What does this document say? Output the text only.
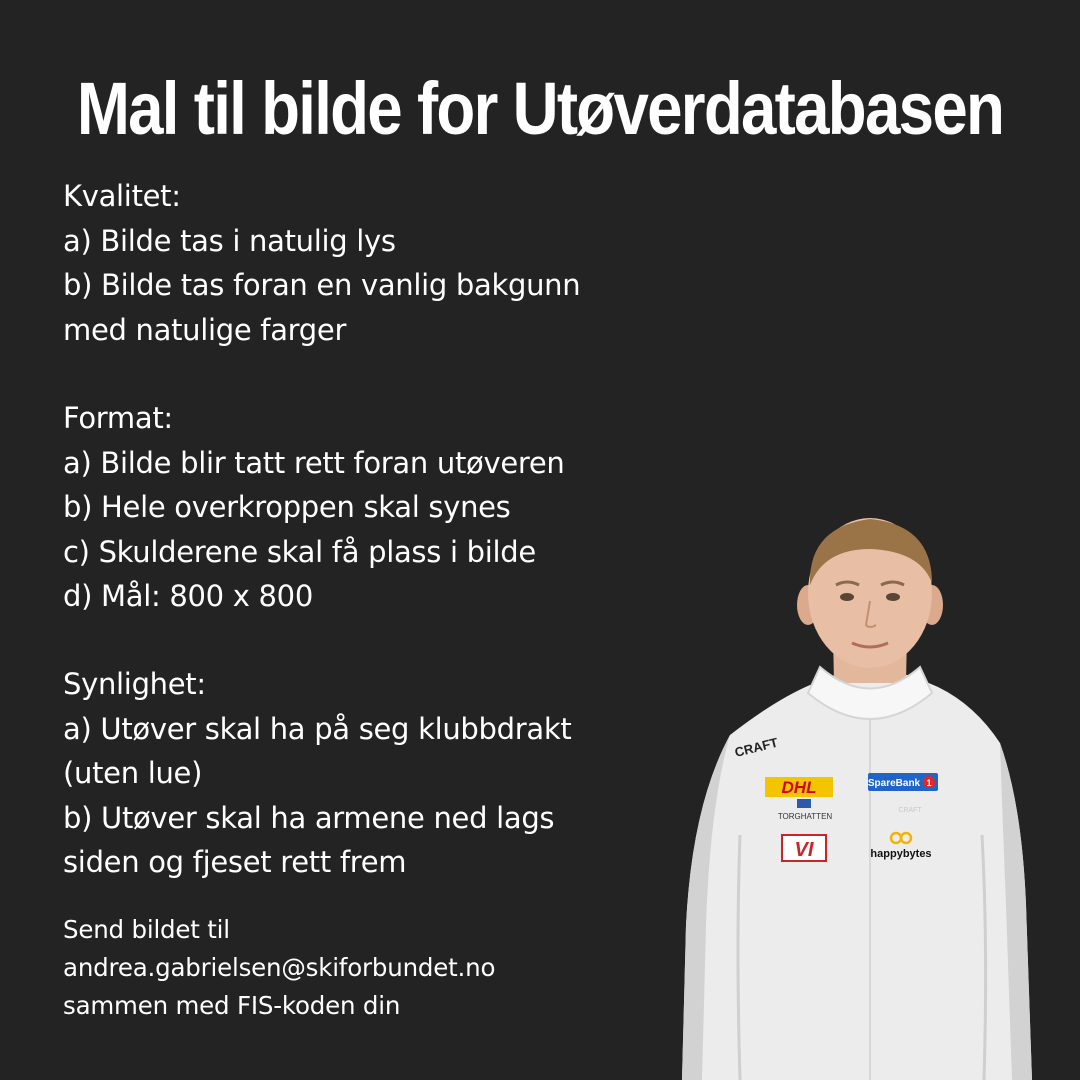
Mal til bilde for Utøverdatabasen
Kvalitet:
a) Bilde tas i natulig lys
b) Bilde tas foran en vanlig bakgunn
med natulige farger
Format:
a) Bilde blir tatt rett foran utøveren
b) Hele overkroppen skal synes
c) Skulderene skal få plass i bilde
d) Mål: 800 x 800
Synlighet:
a) Utøver skal ha på seg klubbdrakt
(uten lue)
b) Utøver skal ha armene ned lags
siden og fjeset rett frem
Send bildet til
andrea.gabrielsen@skiforbundet.no
sammen med FIS-koden din
CRAFT
DHL
TORGHATTEN
SpareBank 1
CRAFT
VI	happybytes
